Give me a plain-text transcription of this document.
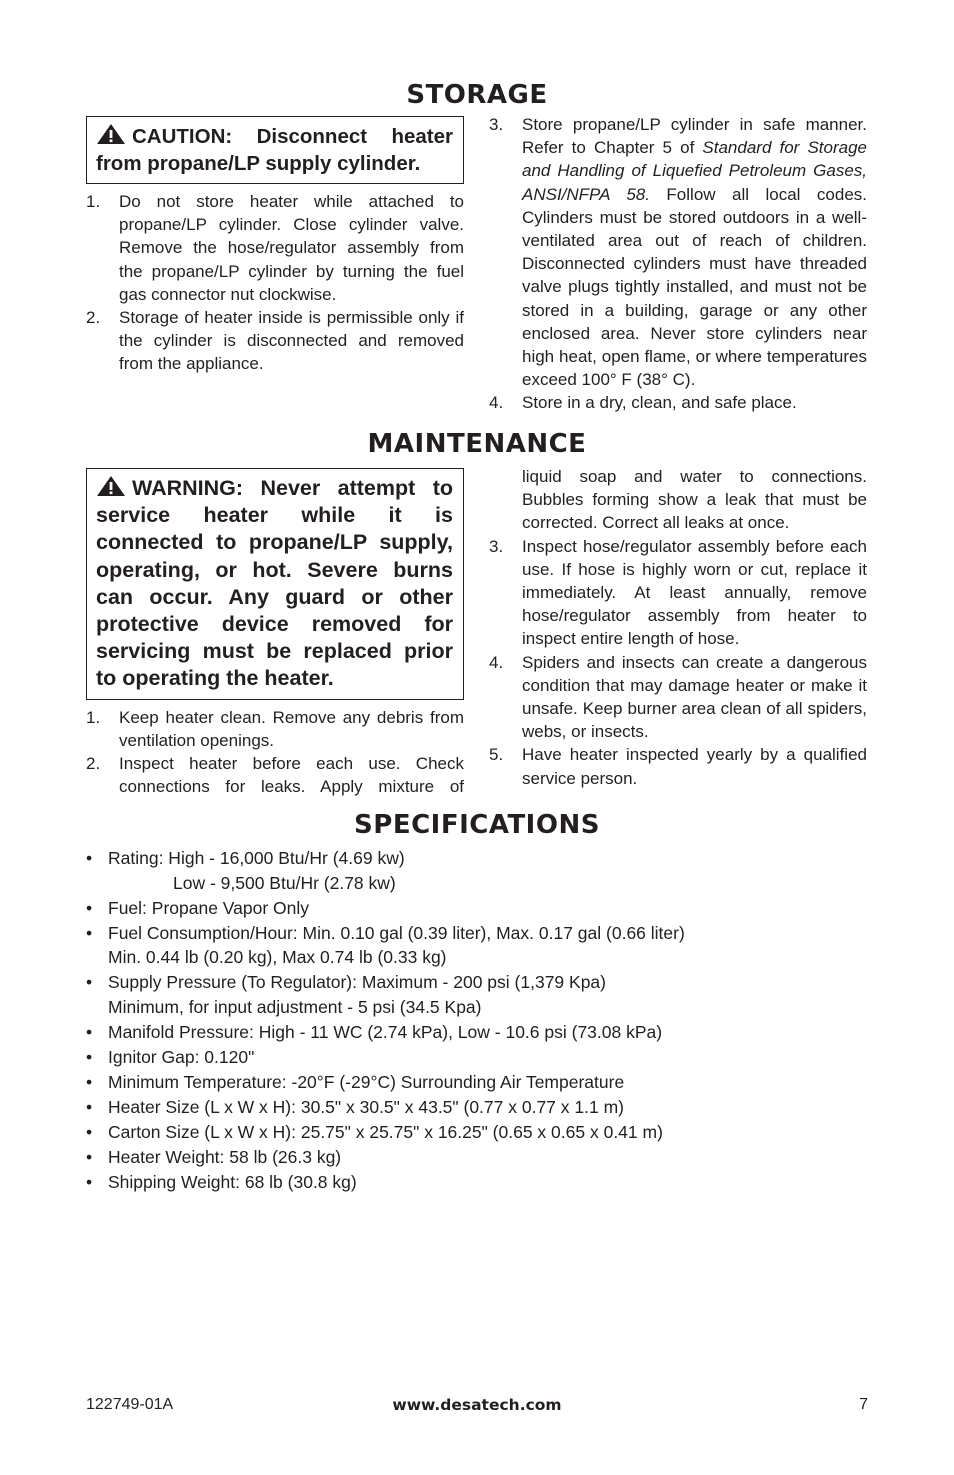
STORAGE
CAUTION: Disconnect heater from propane/LP supply cylinder.
1.	Do not store heater while attached to propane/LP cylinder. Close cylinder valve. Remove the hose/regulator assembly from the propane/LP cylinder by turning the fuel gas connector nut clockwise.
2.	Storage of heater inside is permissible only if the cylinder is disconnected and removed from the appliance.
3.	Store propane/LP cylinder in safe manner. Refer to Chapter 5 of Standard for Storage and Handling of Liquefied Petroleum Gases, ANSI/NFPA 58. Follow all local codes. Cylinders must be stored outdoors in a well-ventilated area out of reach of children. Disconnected cylinders must have threaded valve plugs tightly installed, and must not be stored in a building, garage or any other enclosed area. Never store cylinders near high heat, open flame, or where temperatures exceed 100° F (38° C).
4.	Store in a dry, clean, and safe place.
MAINTENANCE
WARNING: Never attempt to service heater while it is connected to propane/LP supply, operating, or hot. Severe burns can occur. Any guard or other protective device removed for servicing must be replaced prior to operating the heater.
1.	Keep heater clean. Remove any debris from ventilation openings.
2.	Inspect heater before each use. Check connections for leaks. Apply mixture of
liquid soap and water to connections. Bubbles forming show a leak that must be corrected. Correct all leaks at once.
3.	Inspect hose/regulator assembly before each use. If hose is highly worn or cut, replace it immediately. At least annually, remove hose/regulator assembly from heater to inspect entire length of hose.
4.	Spiders and insects can create a dangerous condition that may damage heater or make it unsafe. Keep burner area clean of all spiders, webs, or insects.
5.	Have heater inspected yearly by a qualified service person.
SPECIFICATIONS
• Rating: High - 16,000 Btu/Hr (4.69 kw)
Low - 9,500 Btu/Hr (2.78 kw)
• Fuel: Propane Vapor Only
• Fuel Consumption/Hour: Min. 0.10 gal (0.39 liter), Max. 0.17 gal (0.66 liter)
Min. 0.44 lb (0.20 kg), Max 0.74 lb (0.33 kg)
• Supply Pressure (To Regulator): Maximum - 200 psi (1,379 Kpa)
Minimum, for input adjustment - 5 psi (34.5 Kpa)
• Manifold Pressure: High - 11 WC (2.74 kPa), Low - 10.6 psi (73.08 kPa)
• Ignitor Gap: 0.120"
• Minimum Temperature: -20°F (-29°C) Surrounding Air Temperature
• Heater Size (L x W x H): 30.5" x 30.5" x 43.5" (0.77 x 0.77 x 1.1 m)
• Carton Size (L x W x H): 25.75" x 25.75" x 16.25" (0.65 x 0.65 x 0.41 m)
• Heater Weight: 58 lb (26.3 kg)
• Shipping Weight: 68 lb (30.8 kg)
122749-01A	www.desatech.com	7
